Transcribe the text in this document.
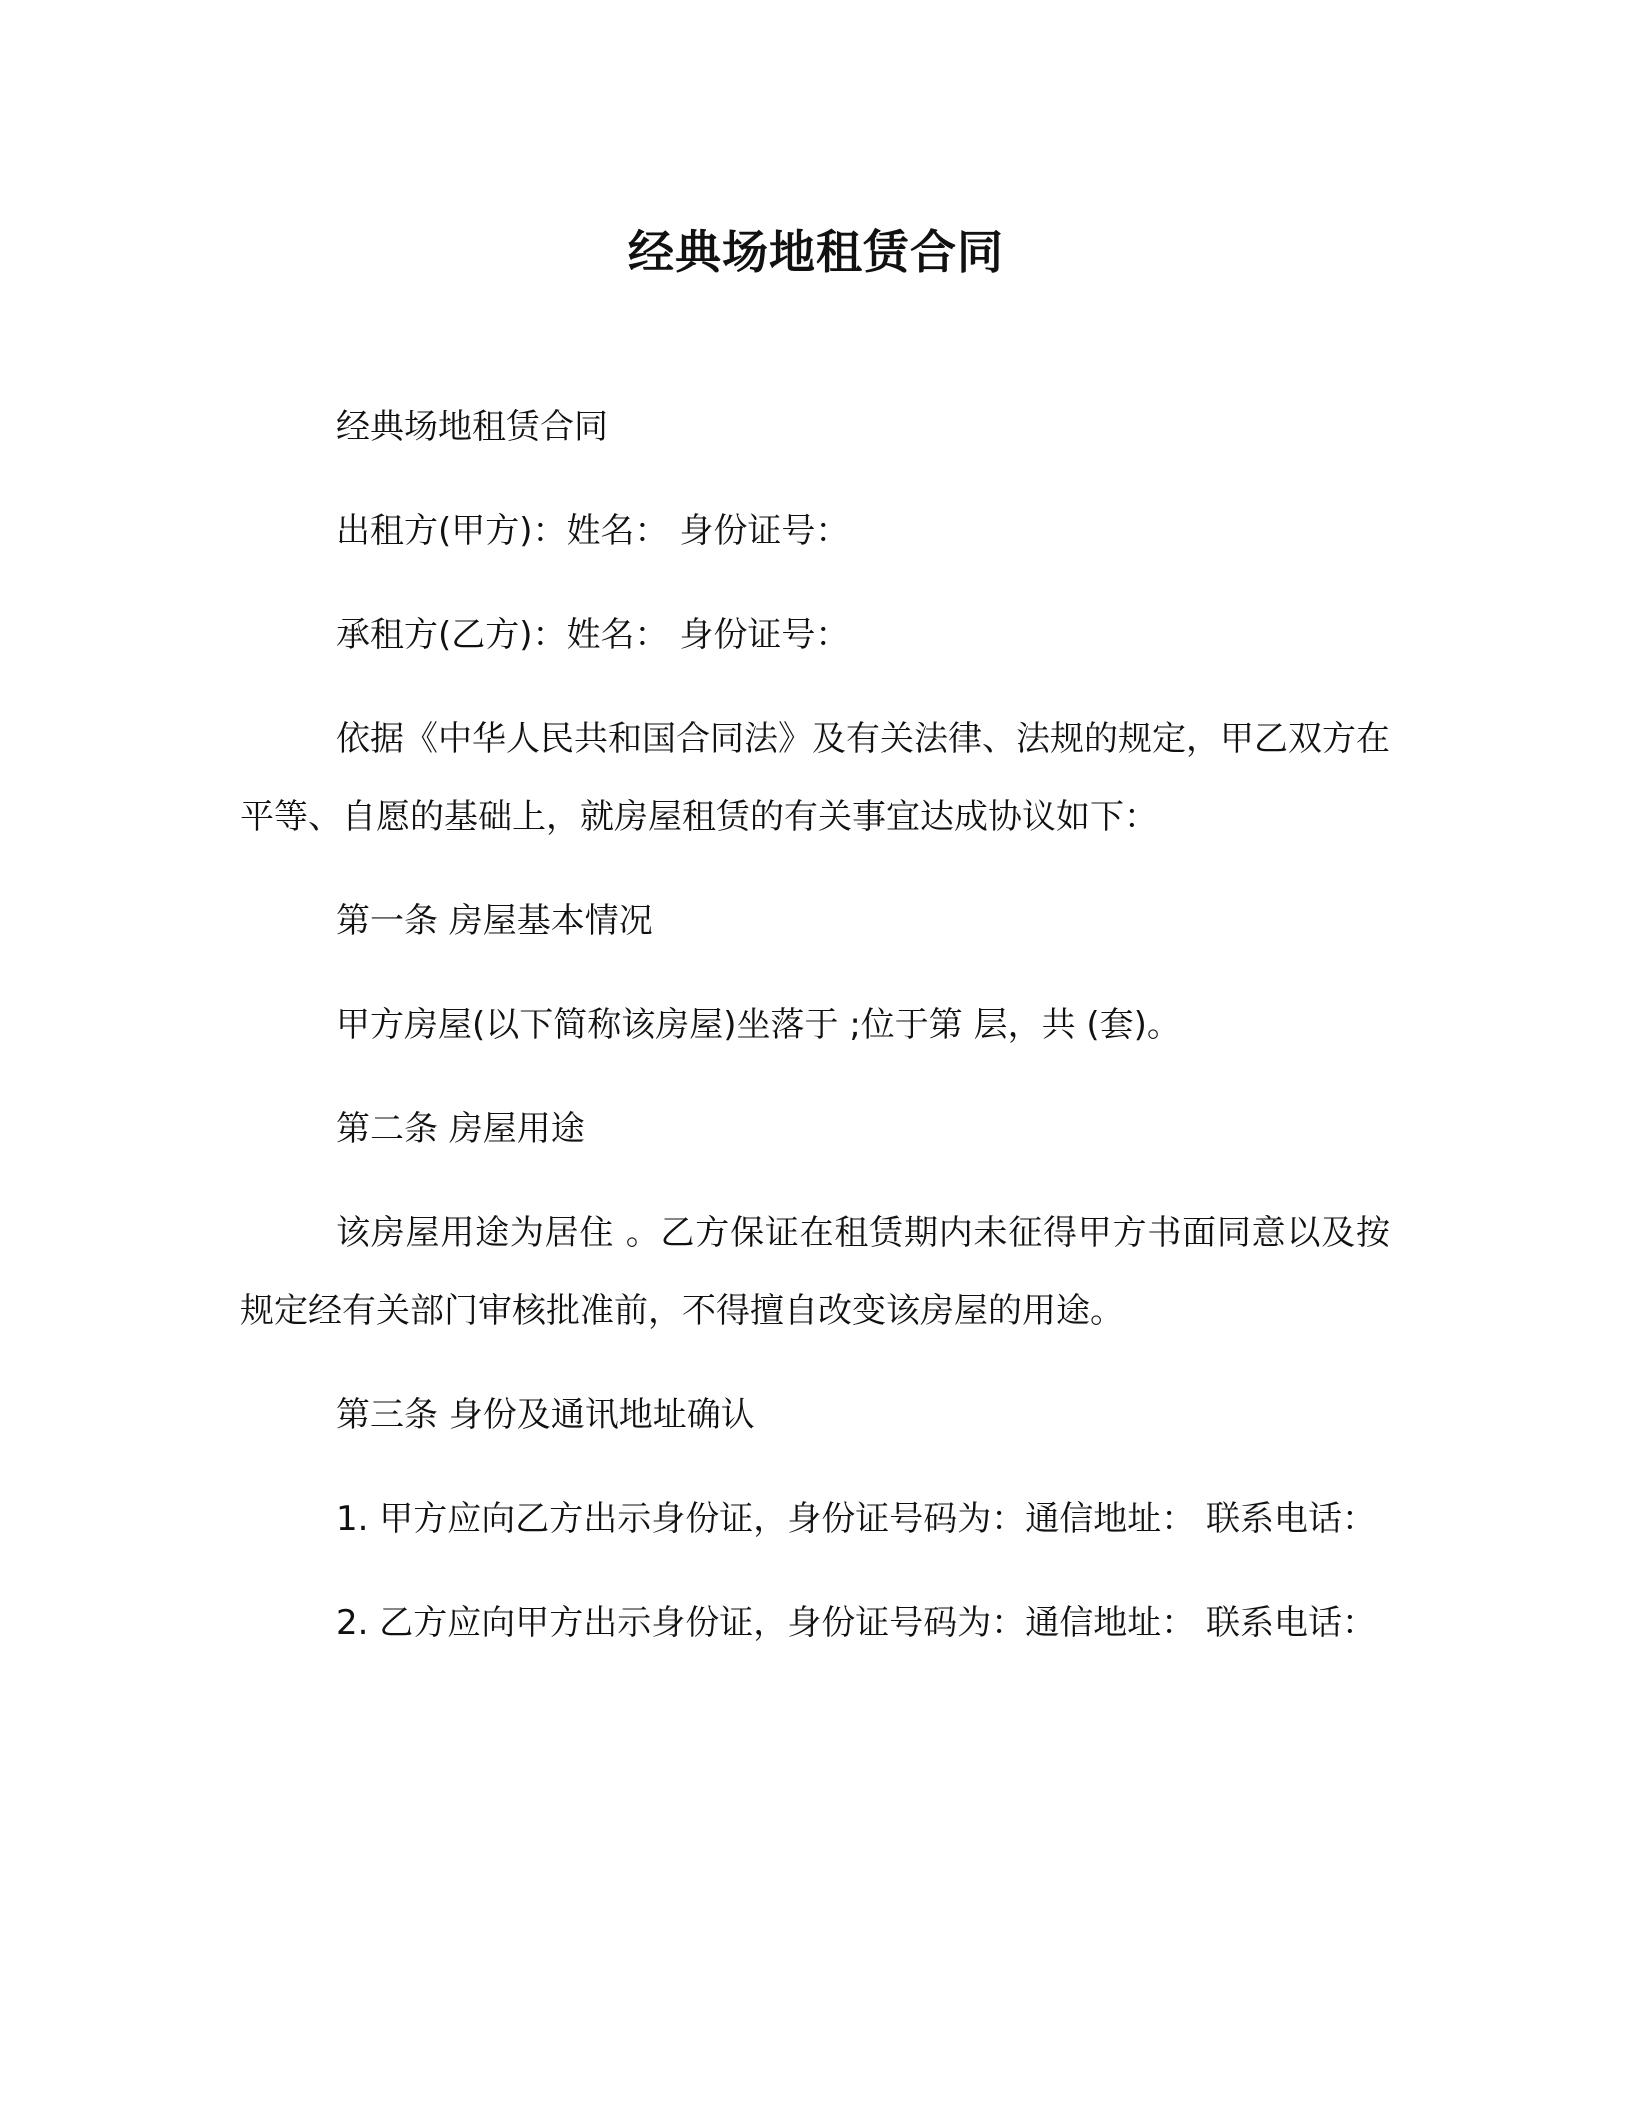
经典场地租赁合同

经典场地租赁合同

出租方(甲方)：姓名： 身份证号：

承租方(乙方)：姓名： 身份证号：

依据《中华人民共和国合同法》及有关法律、法规的规定，甲乙双方在平等、自愿的基础上，就房屋租赁的有关事宜达成协议如下：

第一条 房屋基本情况

甲方房屋(以下简称该房屋)坐落于 ;位于第 层，共 (套)。

第二条 房屋用途

该房屋用途为居住 。乙方保证在租赁期内未征得甲方书面同意以及按规定经有关部门审核批准前，不得擅自改变该房屋的用途。

第三条 身份及通讯地址确认

1. 甲方应向乙方出示身份证，身份证号码为：通信地址： 联系电话：

2. 乙方应向甲方出示身份证，身份证号码为：通信地址： 联系电话：
